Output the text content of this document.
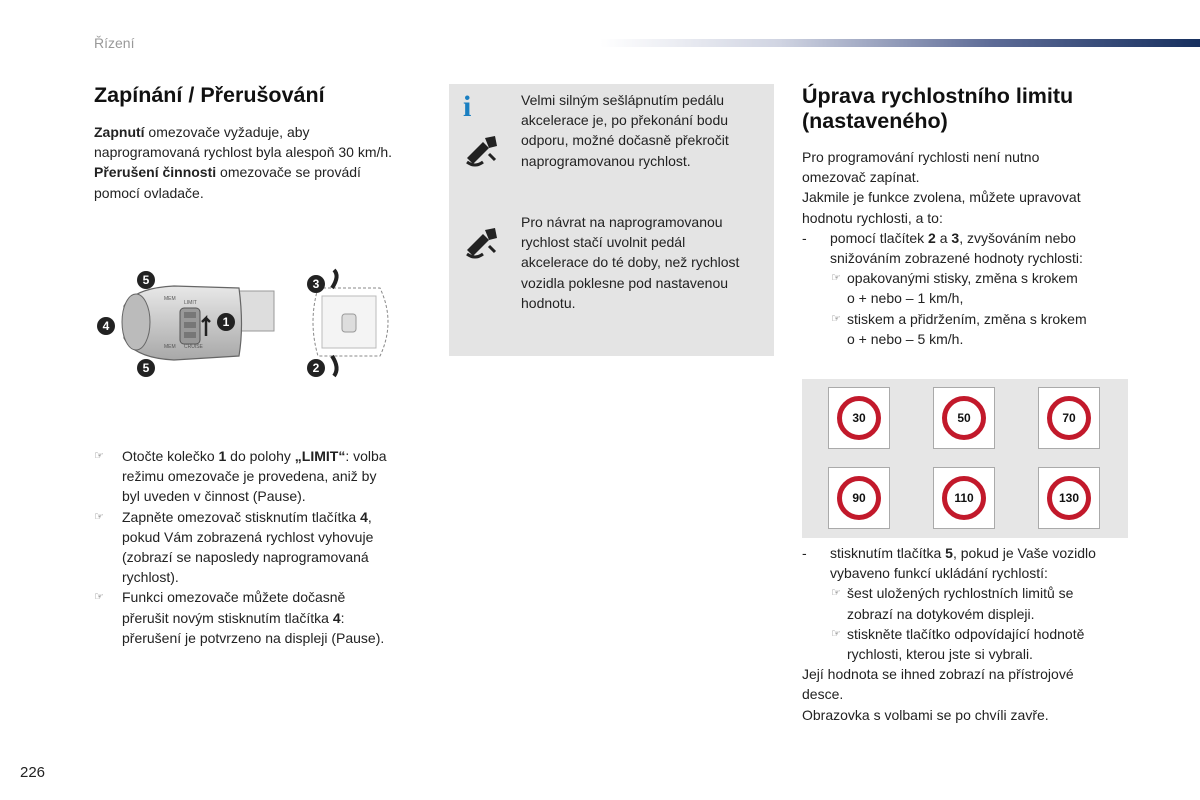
Řízení
Zapínání / Přerušování
Zapnutí omezovače vyžaduje, aby
naprogramovaná rychlost byla alespoň 30 km/h.
Přerušení činnosti omezovače se provádí
pomocí ovladače.
MEM
LIMIT
MEM CRUISE
5
4	1
5
3
2
☞ Otočte kolečko 1 do polohy „LIMIT“: volba
režimu omezovače je provedena, aniž by
byl uveden v činnost (Pause).
☞ Zapněte omezovač stisknutím tlačítka 4,
pokud Vám zobrazená rychlost vyhovuje
(zobrazí se naposledy naprogramovaná
rychlost).
☞ Funkci omezovače můžete dočasně
přerušit novým stisknutím tlačítka 4:
přerušení je potvrzeno na displeji (Pause).
i	Velmi silným sešlápnutím pedálu
akcelerace je, po překonání bodu
odporu, možné dočasně překročit
naprogramovanou rychlost.
Pro návrat na naprogramovanou
rychlost stačí uvolnit pedál
akcelerace do té doby, než rychlost
vozidla poklesne pod nastavenou
hodnotu.
Úprava rychlostního limitu
(nastaveného)
Pro programování rychlosti není nutno
omezovač zapínat.
Jakmile je funkce zvolena, můžete upravovat
hodnotu rychlosti, a to:
- pomocí tlačítek 2 a 3, zvyšováním nebo
snižováním zobrazené hodnoty rychlosti:
☞ opakovanými stisky, změna s krokem
o + nebo – 1 km/h,
☞ stiskem a přidržením, změna s krokem
o + nebo – 5 km/h.
30	50	70
90	110	130
- stisknutím tlačítka 5, pokud je Vaše vozidlo
vybaveno funkcí ukládání rychlostí:
☞ šest uložených rychlostních limitů se
zobrazí na dotykovém displeji.
☞ stiskněte tlačítko odpovídající hodnotě
rychlosti, kterou jste si vybrali.
Její hodnota se ihned zobrazí na přístrojové
desce.
Obrazovka s volbami se po chvíli zavře.
226
